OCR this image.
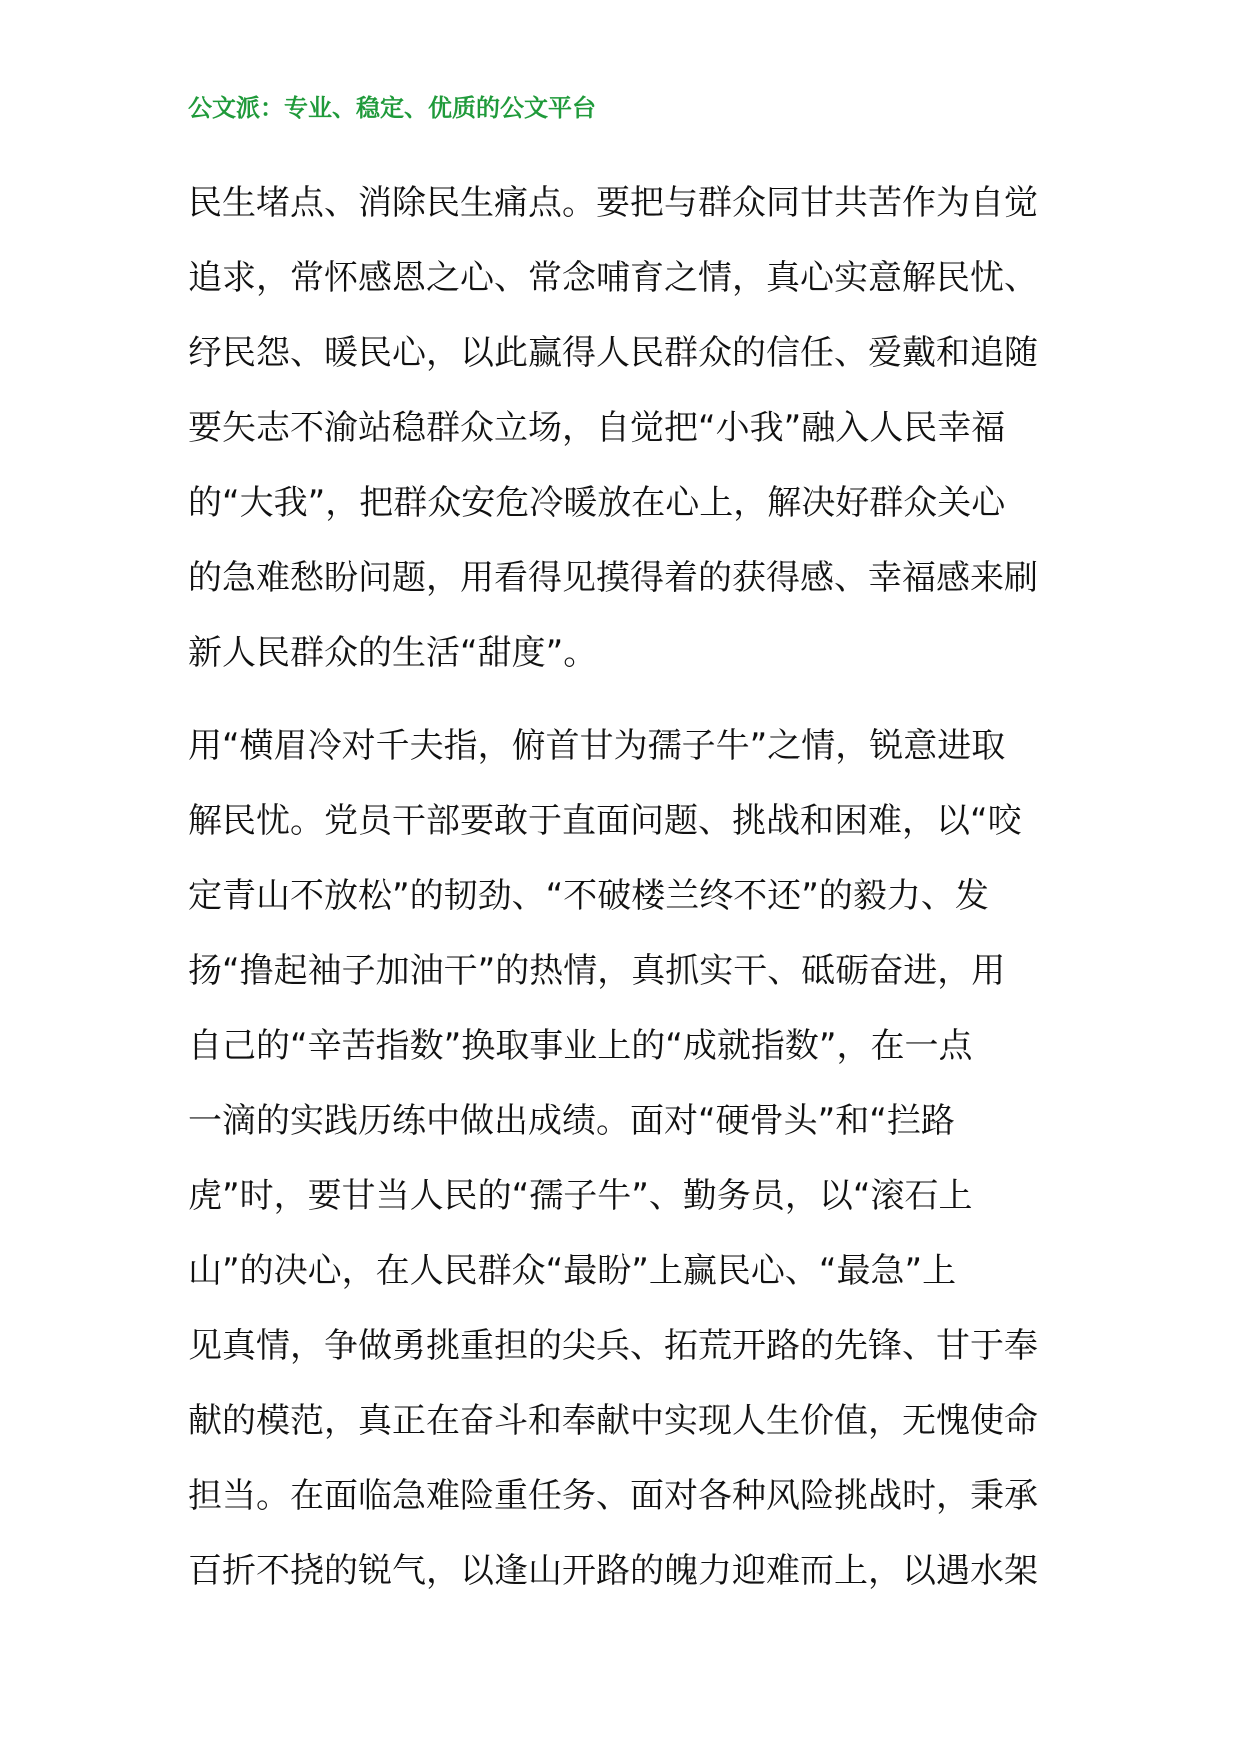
公文派：专业、稳定、优质的公文平台
民生堵点、消除民生痛点。要把与群众同甘共苦作为自觉
追求，常怀感恩之心、常念哺育之情，真心实意解民忧、
纾民怨、暖民心，以此赢得人民群众的信任、爱戴和追随
要矢志不渝站稳群众立场，自觉把“小我”融入人民幸福
的“大我”，把群众安危冷暖放在心上，解决好群众关心
的急难愁盼问题，用看得见摸得着的获得感、幸福感来刷
新人民群众的生活“甜度”。
用“横眉冷对千夫指，俯首甘为孺子牛”之情，锐意进取
解民忧。党员干部要敢于直面问题、挑战和困难，以“咬
定青山不放松”的韧劲、“不破楼兰终不还”的毅力、发
扬“撸起袖子加油干”的热情，真抓实干、砥砺奋进，用
自己的“辛苦指数”换取事业上的“成就指数”，在一点
一滴的实践历练中做出成绩。面对“硬骨头”和“拦路
虎”时，要甘当人民的“孺子牛”、勤务员，以“滚石上
山”的决心，在人民群众“最盼”上赢民心、“最急”上
见真情，争做勇挑重担的尖兵、拓荒开路的先锋、甘于奉
献的模范，真正在奋斗和奉献中实现人生价值，无愧使命
担当。在面临急难险重任务、面对各种风险挑战时，秉承
百折不挠的锐气，以逢山开路的魄力迎难而上，以遇水架
